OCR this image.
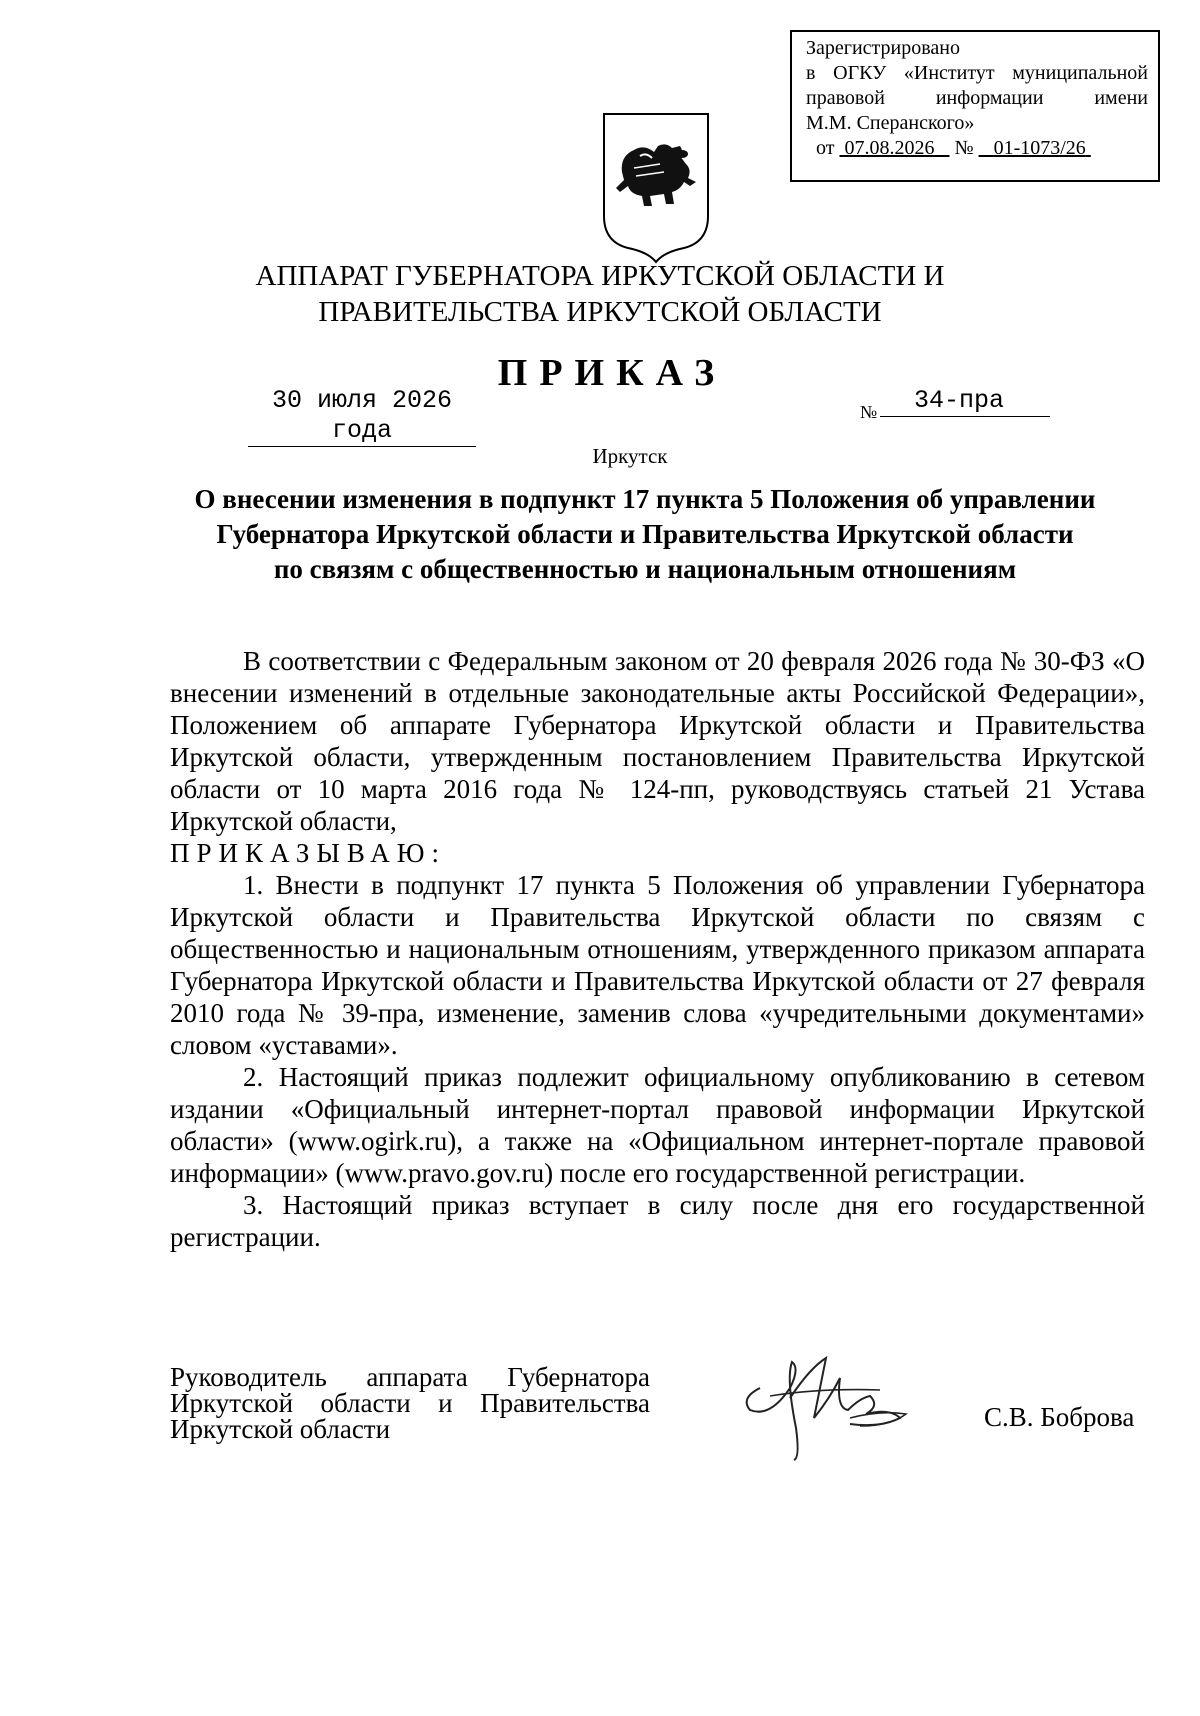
Зарегистрировано
в ОГКУ «Институт муниципальной
правовой информации имени
М.М. Сперанского»
от 07.08.2026 № 01-1073/26
АППАРАТ ГУБЕРНАТОРА ИРКУТСКОЙ ОБЛАСТИ И
ПРАВИТЕЛЬСТВА ИРКУТСКОЙ ОБЛАСТИ
ПРИКАЗ
30 июля 2026 года
№	34-пра
Иркутск
О внесении изменения в подпункт 17 пункта 5 Положения об управлении
Губернатора Иркутской области и Правительства Иркутской области
по связям с общественностью и национальным отношениям

В соответствии с Федеральным законом от 20 февраля 2026 года № 30-ФЗ «О внесении изменений в отдельные законодательные акты Российской Федерации», Положением об аппарате Губернатора Иркутской области и Правительства Иркутской области, утвержденным постановлением Правительства Иркутской области от 10 марта 2016 года № 124-пп, руководствуясь статьей 21 Устава Иркутской области,

ПРИКАЗЫВАЮ:

1. Внести в подпункт 17 пункта 5 Положения об управлении Губернатора Иркутской области и Правительства Иркутской области по связям с общественностью и национальным отношениям, утвержденного приказом аппарата Губернатора Иркутской области и Правительства Иркутской области от 27 февраля 2010 года № 39-пра, изменение, заменив слова «учредительными документами» словом «уставами».

2. Настоящий приказ подлежит официальному опубликованию в сетевом издании «Официальный интернет-портал правовой информации Иркутской области» (www.ogirk.ru), а также на «Официальном интернет-портале правовой информации» (www.pravo.gov.ru) после его государственной регистрации.

3. Настоящий приказ вступает в силу после дня его государственной регистрации.

Руководитель аппарата Губернатора
Иркутской области и Правительства
Иркутской области	С.В. Боброва
